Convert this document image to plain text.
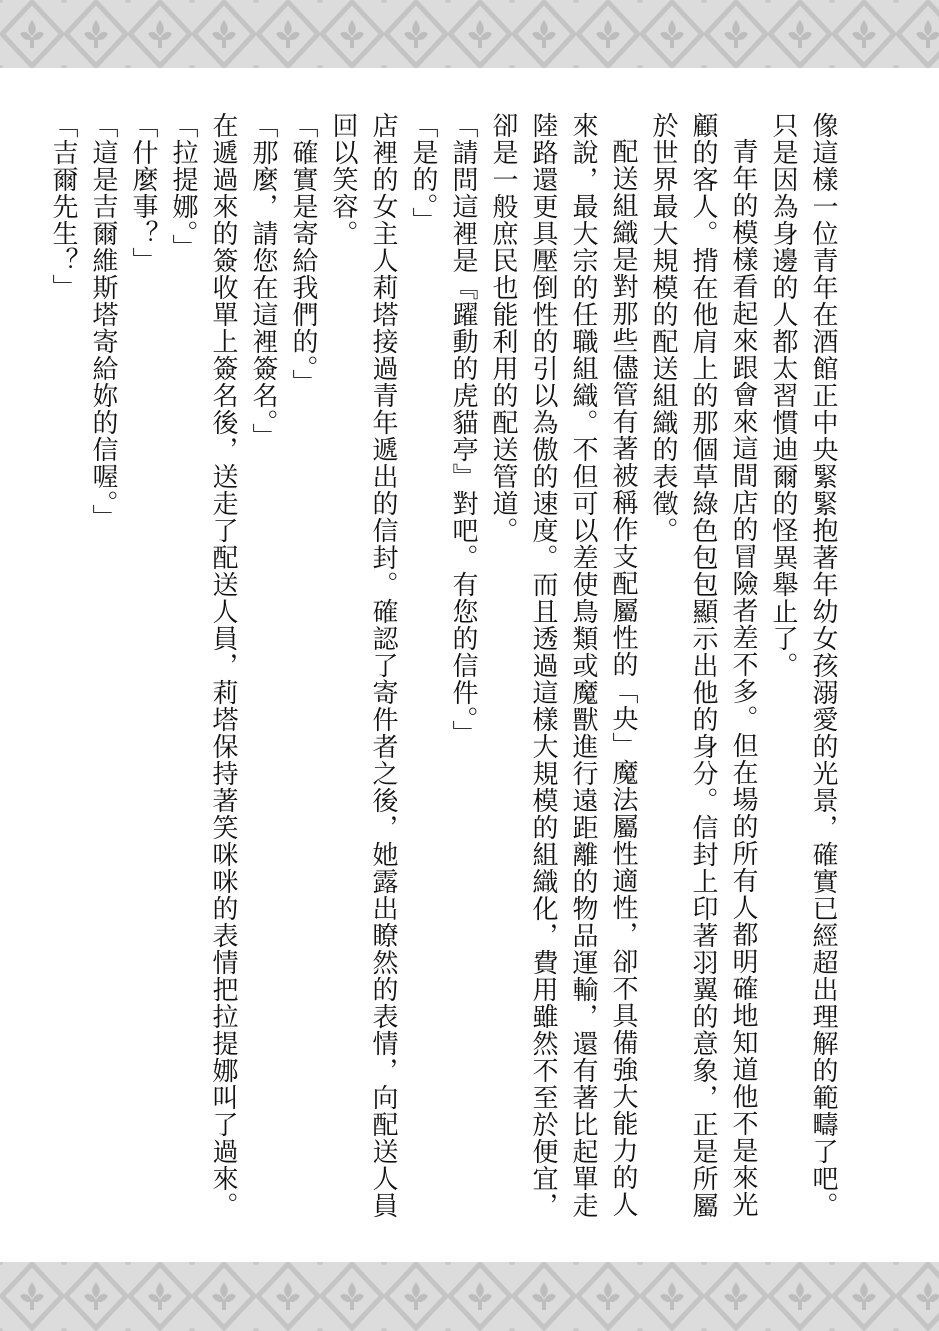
像這樣一位青年在酒館正中央緊緊抱著年幼女孩溺愛的光景，確實已經超出理解的範疇了吧。只是因為身邊的人都太習慣迪爾的怪異舉止了。

青年的模樣看起來跟會來這間店的冒險者差不多。但在場的所有人都明確地知道他不是來光顧的客人。揹在他肩上的那個草綠色包包顯示出他的身分。信封上印著羽翼的意象，正是所屬於世界最大規模的配送組織的表徵。

配送組織是對那些儘管有著被稱作支配屬性的「央」魔法屬性適性，卻不具備強大能力的人來說，最大宗的任職組織。不但可以差使鳥類或魔獸進行遠距離的物品運輸，還有著比起單走陸路還更具壓倒性的引以為傲的速度。而且透過這樣大規模的組織化，費用雖然不至於便宜，卻是一般庶民也能利用的配送管道。

「請問這裡是『躍動的虎貓亭』對吧。有您的信件。」

「是的。」

店裡的女主人莉塔接過青年遞出的信封。確認了寄件者之後，她露出瞭然的表情，向配送人員回以笑容。

「確實是寄給我們的。」

「那麼，請您在這裡簽名。」

在遞過來的簽收單上簽名後，送走了配送人員，莉塔保持著笑咪咪的表情把拉提娜叫了過來。

「拉提娜。」

「什麼事？」

「這是吉爾維斯塔寄給妳的信喔。」

「吉爾先生？」
